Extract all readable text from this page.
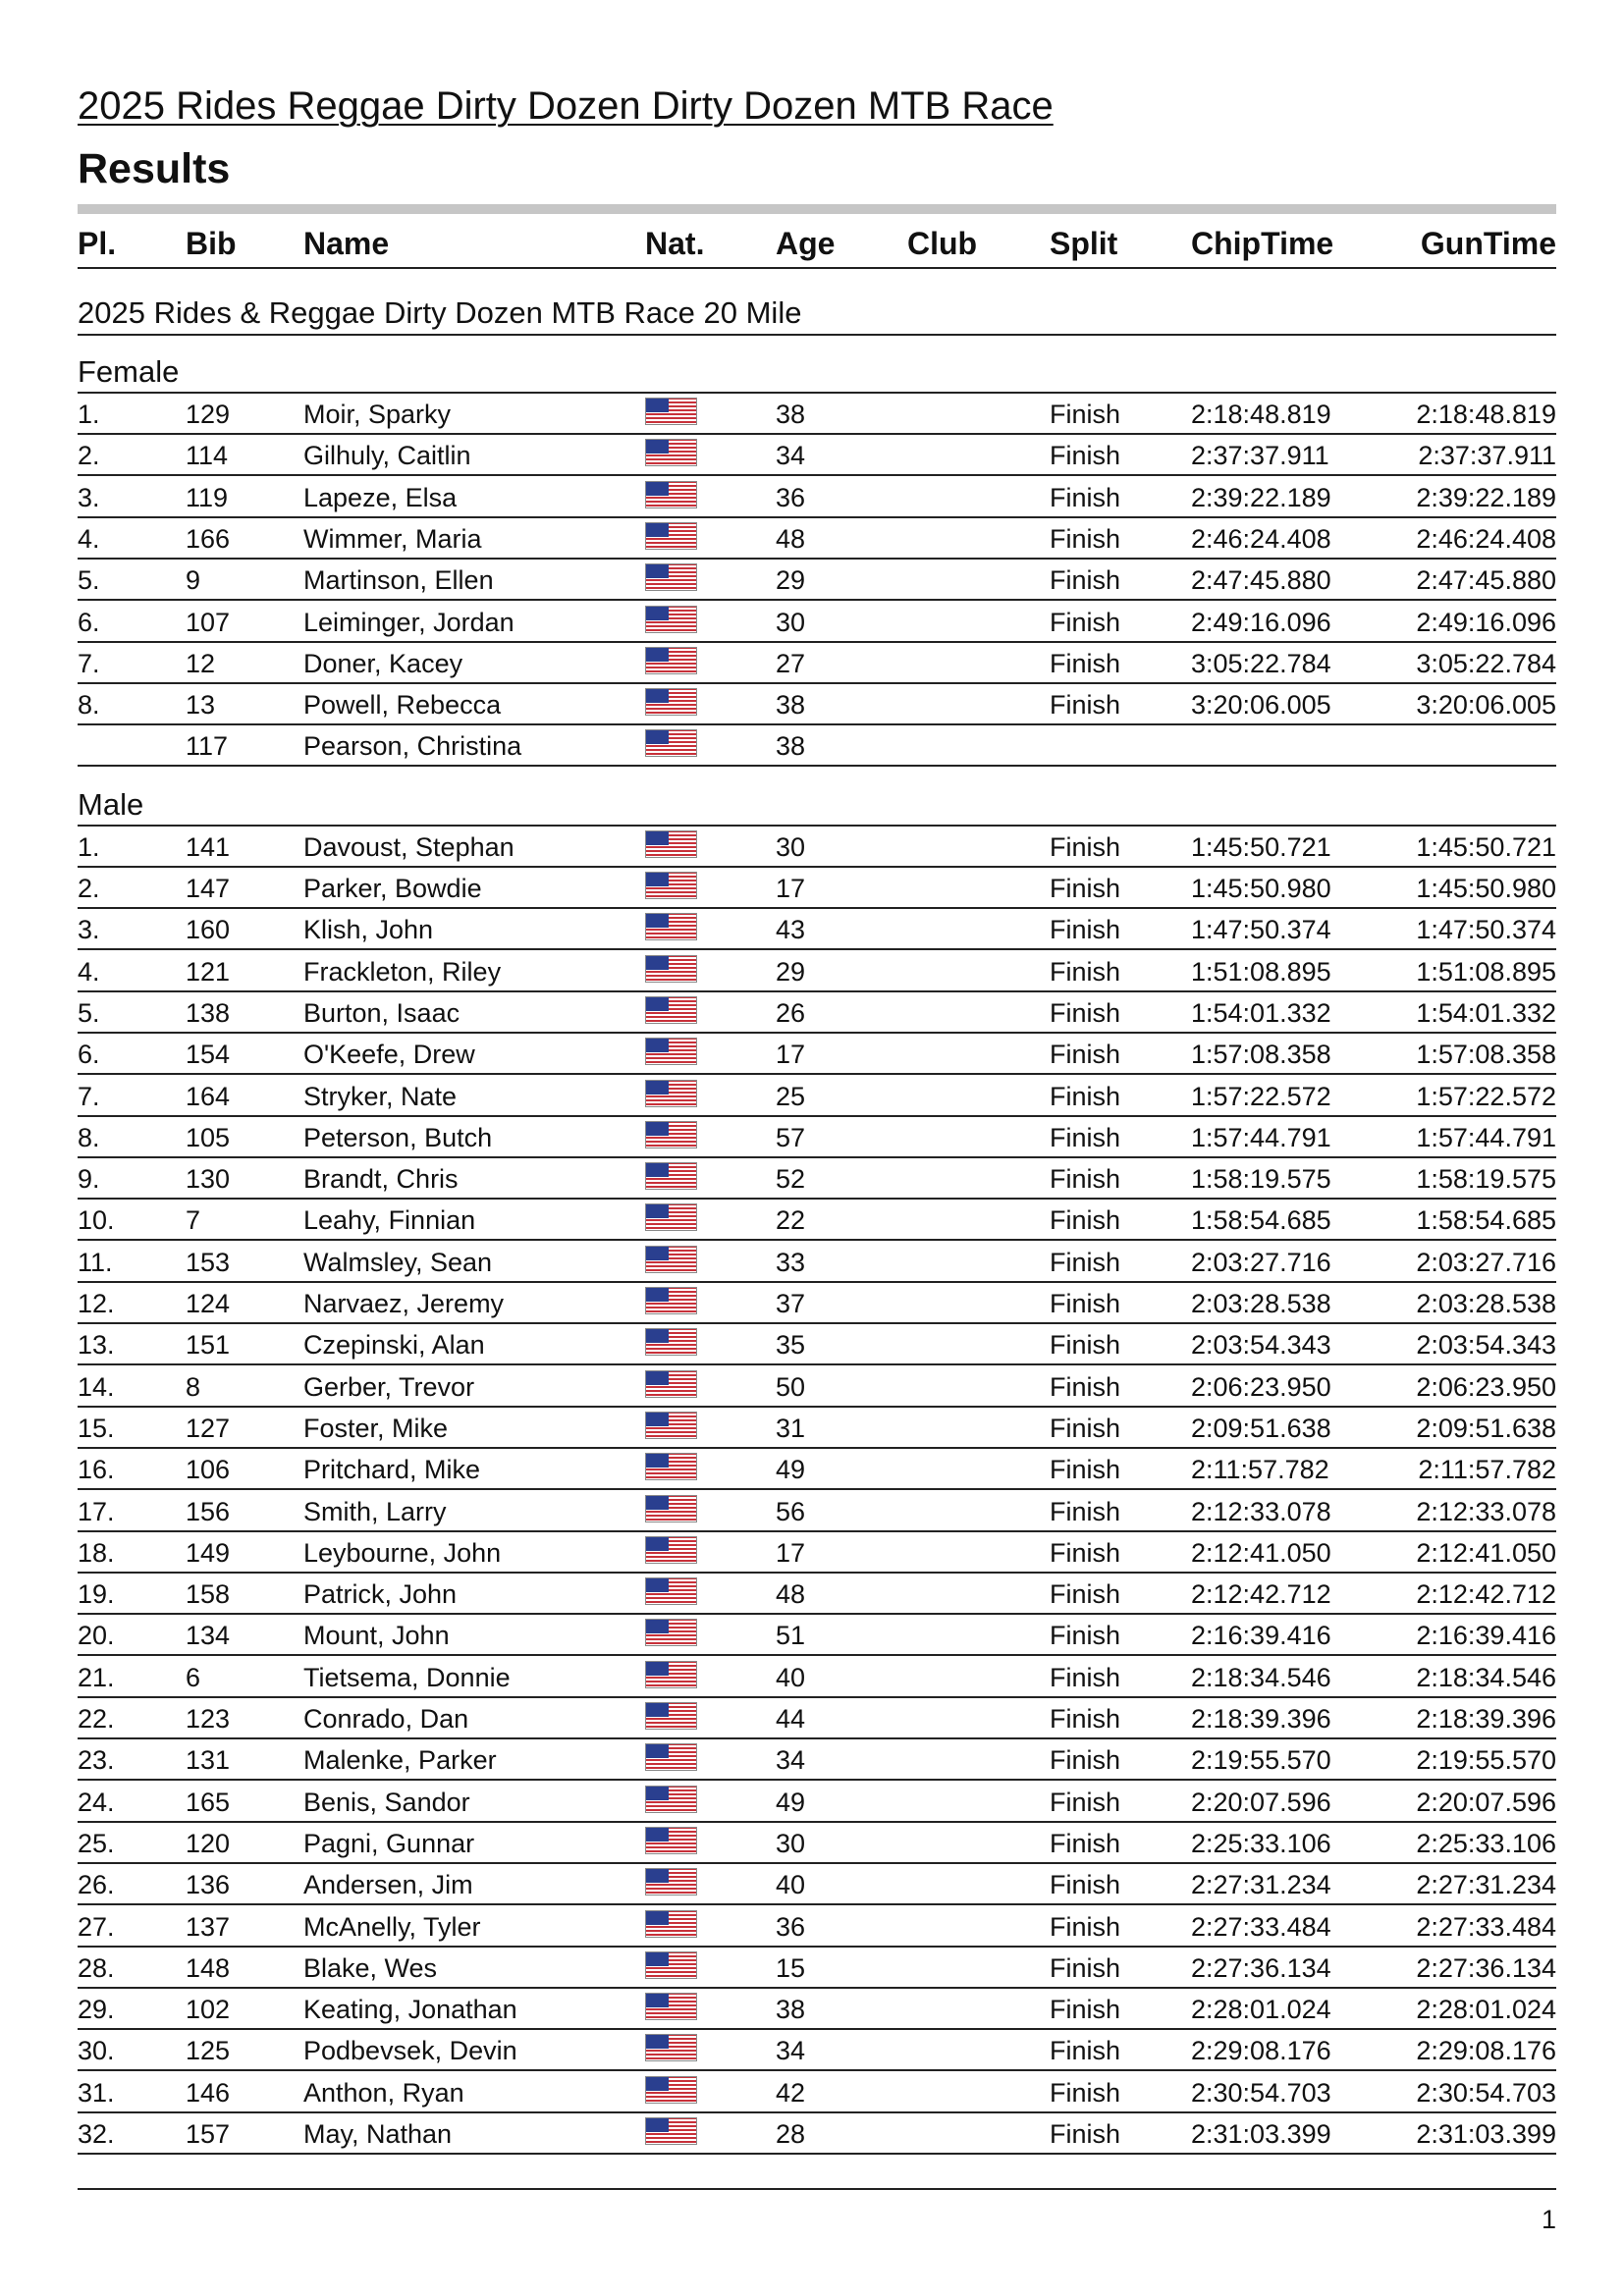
2025 Rides Reggae Dirty Dozen Dirty Dozen MTB Race
Results
Pl. Bib Name	Nat. Age Club Split ChipTime	GunTime
2025 Rides & Reggae Dirty Dozen MTB Race 20 Mile
Female
1.	129	Moir, Sparky	38	Finish	2:18:48.819	2:18:48.819
2.	114	Gilhuly, Caitlin	34	Finish	2:37:37.911	2:37:37.911
3.	119	Lapeze, Elsa	36	Finish	2:39:22.189	2:39:22.189
4.	166	Wimmer, Maria	48	Finish	2:46:24.408	2:46:24.408
5.	9	Martinson, Ellen	29	Finish	2:47:45.880	2:47:45.880
6.	107	Leiminger, Jordan	30	Finish	2:49:16.096	2:49:16.096
7.	12	Doner, Kacey	27	Finish	3:05:22.784	3:05:22.784
8.	13	Powell, Rebecca	38	Finish	3:20:06.005	3:20:06.005
117	Pearson, Christina	38
Male
1.	141	Davoust, Stephan	30	Finish	1:45:50.721	1:45:50.721
2.	147	Parker, Bowdie	17	Finish	1:45:50.980	1:45:50.980
3.	160	Klish, John	43	Finish	1:47:50.374	1:47:50.374
4.	121	Frackleton, Riley	29	Finish	1:51:08.895	1:51:08.895
5.	138	Burton, Isaac	26	Finish	1:54:01.332	1:54:01.332
6.	154	O'Keefe, Drew	17	Finish	1:57:08.358	1:57:08.358
7.	164	Stryker, Nate	25	Finish	1:57:22.572	1:57:22.572
8.	105	Peterson, Butch	57	Finish	1:57:44.791	1:57:44.791
9.	130	Brandt, Chris	52	Finish	1:58:19.575	1:58:19.575
10.	7	Leahy, Finnian	22	Finish	1:58:54.685	1:58:54.685
11.	153	Walmsley, Sean	33	Finish	2:03:27.716	2:03:27.716
12.	124	Narvaez, Jeremy	37	Finish	2:03:28.538	2:03:28.538
13.	151	Czepinski, Alan	35	Finish	2:03:54.343	2:03:54.343
14.	8	Gerber, Trevor	50	Finish	2:06:23.950	2:06:23.950
15.	127	Foster, Mike	31	Finish	2:09:51.638	2:09:51.638
16.	106	Pritchard, Mike	49	Finish	2:11:57.782	2:11:57.782
17.	156	Smith, Larry	56	Finish	2:12:33.078	2:12:33.078
18.	149	Leybourne, John	17	Finish	2:12:41.050	2:12:41.050
19.	158	Patrick, John	48	Finish	2:12:42.712	2:12:42.712
20.	134	Mount, John	51	Finish	2:16:39.416	2:16:39.416
21.	6	Tietsema, Donnie	40	Finish	2:18:34.546	2:18:34.546
22.	123	Conrado, Dan	44	Finish	2:18:39.396	2:18:39.396
23.	131	Malenke, Parker	34	Finish	2:19:55.570	2:19:55.570
24.	165	Benis, Sandor	49	Finish	2:20:07.596	2:20:07.596
25.	120	Pagni, Gunnar	30	Finish	2:25:33.106	2:25:33.106
26.	136	Andersen, Jim	40	Finish	2:27:31.234	2:27:31.234
27.	137	McAnelly, Tyler	36	Finish	2:27:33.484	2:27:33.484
28.	148	Blake, Wes	15	Finish	2:27:36.134	2:27:36.134
29.	102	Keating, Jonathan	38	Finish	2:28:01.024	2:28:01.024
30.	125	Podbevsek, Devin	34	Finish	2:29:08.176	2:29:08.176
31.	146	Anthon, Ryan	42	Finish	2:30:54.703	2:30:54.703
32.	157	May, Nathan	28	Finish	2:31:03.399	2:31:03.399
1
